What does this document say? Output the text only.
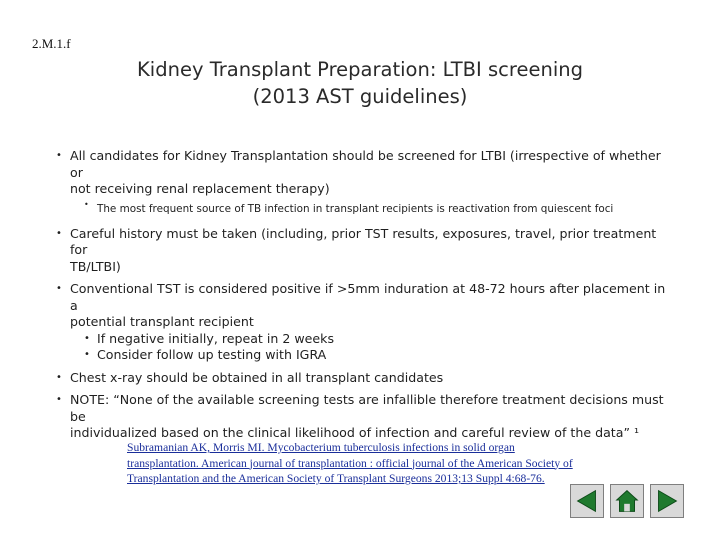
2.M.1.f
Kidney Transplant Preparation: LTBI screening
(2013 AST guidelines)
• All candidates for Kidney Transplantation should be screened for LTBI (irrespective of whether or
not receiving renal replacement therapy)
• The most frequent source of TB infection in transplant recipients is reactivation from quiescent foci
• Careful history must be taken (including, prior TST results, exposures, travel, prior treatment for
TB/LTBI)
• Conventional TST is considered positive if >5mm induration at 48-72 hours after placement in a
potential transplant recipient
• If negative initially, repeat in 2 weeks
• Consider follow up testing with IGRA
• Chest x-ray should be obtained in all transplant candidates
• NOTE: “None of the available screening tests are infallible therefore treatment decisions must be
individualized based on the clinical likelihood of infection and careful review of the data” ¹
Subramanian AK, Morris MI. Mycobacterium tuberculosis infections in solid organ
transplantation. American journal of transplantation : official journal of the American Society of
Transplantation and the American Society of Transplant Surgeons 2013;13 Suppl 4:68-76.
